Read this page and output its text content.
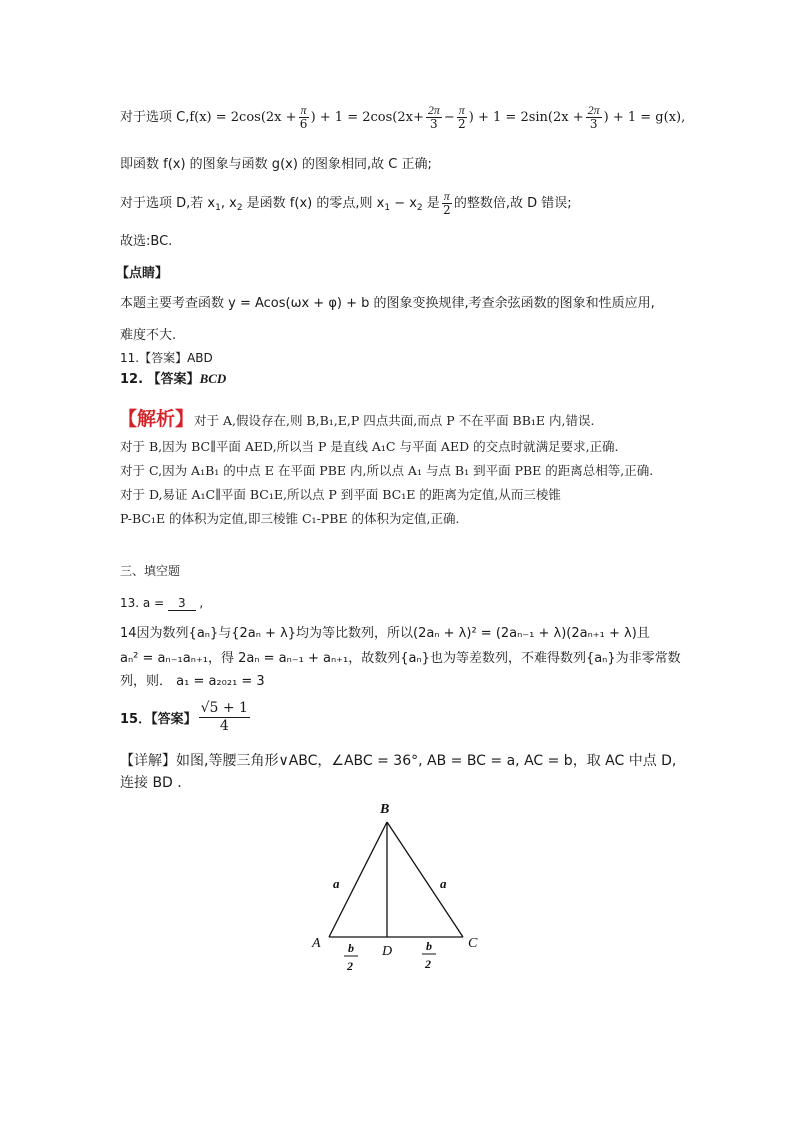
对于选项 $C,f(x) = 2\cos(2x + \frac{\pi}{6}$ ) + $1 = 2\cos(2x+ \frac{2\pi}{3} - \frac{\pi}{2}$ ) + $1 = 2\sin(2x + \frac{2\pi}{3}$ ) + 1 = g(x),
即函数 f(x) 的图象与函数 g(x) 的图象相同,故 C 正确;
对于选项 D,若 $x_1$, $x_2$ 是函数 f(x) 的零点,则 $x_1 - x_2$ 是 $\frac{\pi}{2}$ 的整数倍,故 D 错误;
故选:BC.
【点睛】
本题主要考查函数 y = Acos(ωx + φ) + b 的图象变换规律,考查余弦函数的图象和性质应用,
难度不大.
11.【答案】ABD
12. 【答案】BCD
【解析】对于 A,假设存在,则 B,B₁,E,P 四点共面,而点 P 不在平面 BB₁E 内,错误.
对于 B,因为 BC∥平面 AED,所以当 P 是直线 A₁C 与平面 AED 的交点时就满足要求,正确.
对于 C,因为 A₁B₁ 的中点 E 在平面 PBE 内,所以点 A₁ 与点 B₁ 到平面 PBE 的距离总相等,正确.
对于 D,易证 A₁C∥平面 BC₁E,所以点 P 到平面 BC₁E 的距离为定值,从而三棱锥
P-BC₁E 的体积为定值,即三棱锥 C₁-PBE 的体积为定值,正确.
三、填空题
13. a = 3 ,
14因为数列{aₙ}与{2aₙ + λ}均为等比数列，所以(2aₙ + λ)² = (2aₙ₋₁ + λ)(2aₙ₊₁ + λ)且
aₙ² = aₙ₋₁aₙ₊₁，得 2aₙ = aₙ₋₁ + aₙ₊₁，故数列{aₙ}也为等差数列，不难得数列{aₙ}为非零常数
列，则． a₁ = a₂₀₂₁ = 3
15．【答案】 $\frac{√5 + 1}{4}$
【详解】如图,等腰三角形∨ABC，∠ABC = 36°, AB = BC = a, AC = b，取 AC 中点 D,
连接 BD .
B
A	C
D
a	a
b
2
b
2
